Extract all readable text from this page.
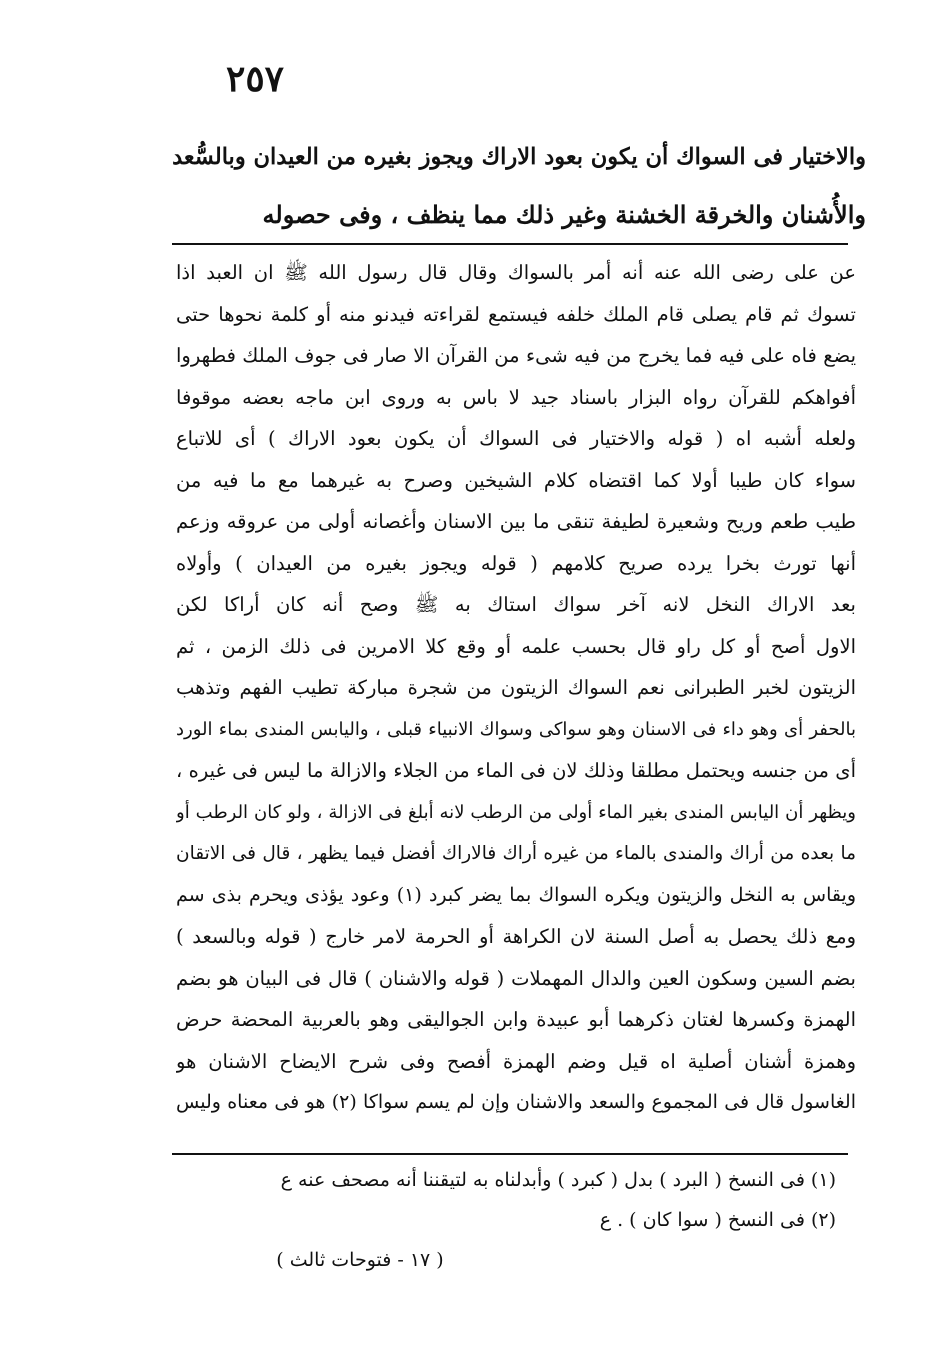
٢٥٧
والاختيار فى السواك أن يكون بعود الاراك ويجوز بغيره من العيدان وبالسُّعد
والأُشنان والخرقة الخشنة وغير ذلك مما ينظف ، وفى حصوله
عن على رضى الله عنه أنه أمر بالسواك وقال قال رسول الله ﷺ ان العبد اذا
تسوك ثم قام يصلى قام الملك خلفه فيستمع لقراءته فيدنو منه أو كلمة نحوها حتى
يضع فاه على فيه فما يخرج من فيه شىء من القرآن الا صار فى جوف الملك فطهروا
أفواهكم للقرآن رواه البزار باسناد جيد لا باس به وروى ابن ماجه بعضه موقوفا
ولعله أشبه اه ( قوله والاختيار فى السواك أن يكون بعود الاراك ) أى للاتباع
سواء كان طيبا أولا كما اقتضاه كلام الشيخين وصرح به غيرهما مع ما فيه من
طيب طعم وريح وشعيرة لطيفة تنقى ما بين الاسنان وأغصانه أولى من عروقه وزعم
أنها تورث بخرا يرده صريح كلامهم ( قوله ويجوز بغيره من العيدان ) وأولاه
بعد الاراك النخل لانه آخر سواك استاك به ﷺ وصح أنه كان أراكا لكن
الاول أصح أو كل راو قال بحسب علمه أو وقع كلا الامرين فى ذلك الزمن ، ثم
الزيتون لخبر الطبرانى نعم السواك الزيتون من شجرة مباركة تطيب الفهم وتذهب
بالحفر أى وهو داء فى الاسنان وهو سواكى وسواك الانبياء قبلى ، واليابس المندى بماء الورد
أى من جنسه ويحتمل مطلقا وذلك لان فى الماء من الجلاء والازالة ما ليس فى غيره ،
ويظهر أن اليابس المندى بغير الماء أولى من الرطب لانه أبلغ فى الازالة ، ولو كان الرطب أو
ما بعده من أراك والمندى بالماء من غيره أراك فالاراك أفضل فيما يظهر ، قال فى الاتقان
ويقاس به النخل والزيتون ويكره السواك بما يضر كبرد (١) وعود يؤذى ويحرم بذى سم
ومع ذلك يحصل به أصل السنة لان الكراهة أو الحرمة لامر خارج ( قوله وبالسعد )
بضم السين وسكون العين والدال المهملات ( قوله والاشنان ) قال فى البيان هو بضم
الهمزة وكسرها لغتان ذكرهما أبو عبيدة وابن الجواليقى وهو بالعربية المحضة حرض
وهمزة أشنان أصلية اه قيل وضم الهمزة أفصح وفى شرح الايضاح الاشنان هو
الغاسول قال فى المجموع والسعد والاشنان وإن لم يسم سواكا (٢) هو فى معناه وليس
(١) فى النسخ ( البرد ) بدل ( كبرد ) وأبدلناه به لتيقننا أنه مصحف عنه ع
(٢) فى النسخ ( سوا كان ) . ع
( ١٧ - فتوحات ثالث )
